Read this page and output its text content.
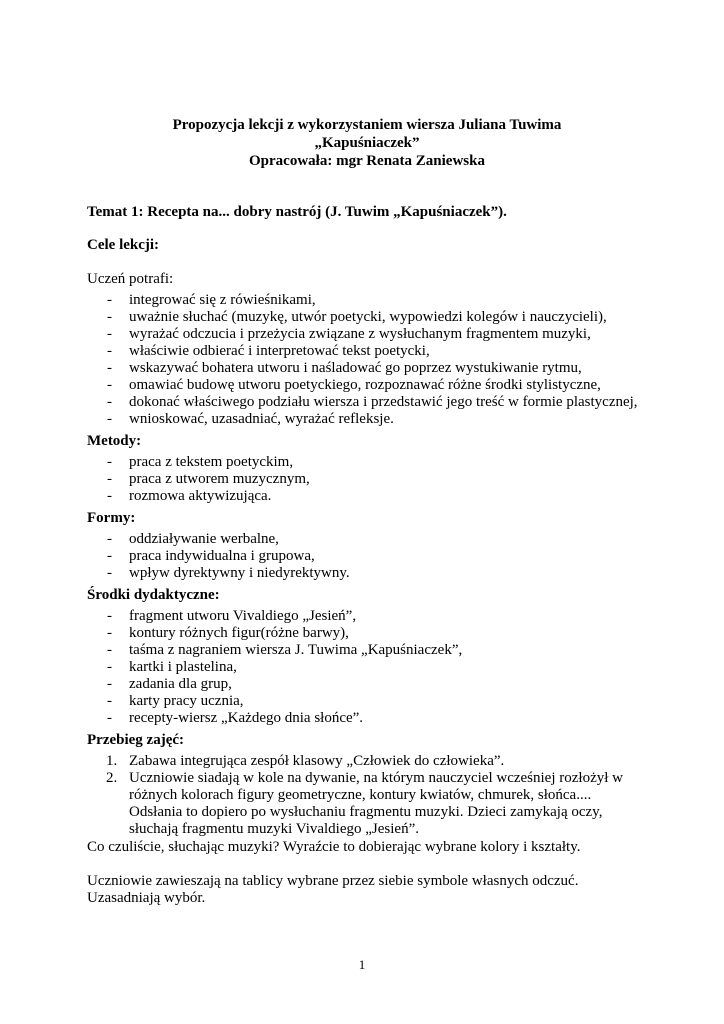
Propozycja lekcji z wykorzystaniem wiersza Juliana Tuwima
„Kapuśniaczek”
Opracowała: mgr Renata Zaniewska
Temat 1: Recepta na... dobry nastrój (J. Tuwim „Kapuśniaczek”).
Cele lekcji:
Uczeń potrafi:
- integrować się z rówieśnikami,
- uważnie słuchać (muzykę, utwór poetycki, wypowiedzi kolegów i nauczycieli),
- wyrażać odczucia i przeżycia związane z wysłuchanym fragmentem muzyki,
- właściwie odbierać i interpretować tekst poetycki,
- wskazywać bohatera utworu i naśladować go poprzez wystukiwanie rytmu,
- omawiać budowę utworu poetyckiego, rozpoznawać różne środki stylistyczne,
- dokonać właściwego podziału wiersza i przedstawić jego treść w formie plastycznej,
- wnioskować, uzasadniać, wyrażać refleksje.
Metody:
- praca z tekstem poetyckim,
- praca z utworem muzycznym,
- rozmowa aktywizująca.
Formy:
- oddziaływanie werbalne,
- praca indywidualna i grupowa,
- wpływ dyrektywny i niedyrektywny.
Środki dydaktyczne:
- fragment utworu Vivaldiego „Jesień”,
- kontury różnych figur(różne barwy),
- taśma z nagraniem wiersza J. Tuwima „Kapuśniaczek”,
- kartki i plastelina,
- zadania dla grup,
- karty pracy ucznia,
- recepty-wiersz „Każdego dnia słońce”.
Przebieg zajęć:
1. Zabawa integrująca zespół klasowy „Człowiek do człowieka”.
2. Uczniowie siadają w kole na dywanie, na którym nauczyciel wcześniej rozłożył w różnych kolorach figury geometryczne, kontury kwiatów, chmurek, słońca.... Odsłania to dopiero po wysłuchaniu fragmentu muzyki. Dzieci zamykają oczy, słuchają fragmentu muzyki Vivaldiego „Jesień”.
Co czuliście, słuchając muzyki? Wyraźcie to dobierając wybrane kolory i kształty.
Uczniowie zawieszają na tablicy wybrane przez siebie symbole własnych odczuć.
Uzasadniają wybór.
1
